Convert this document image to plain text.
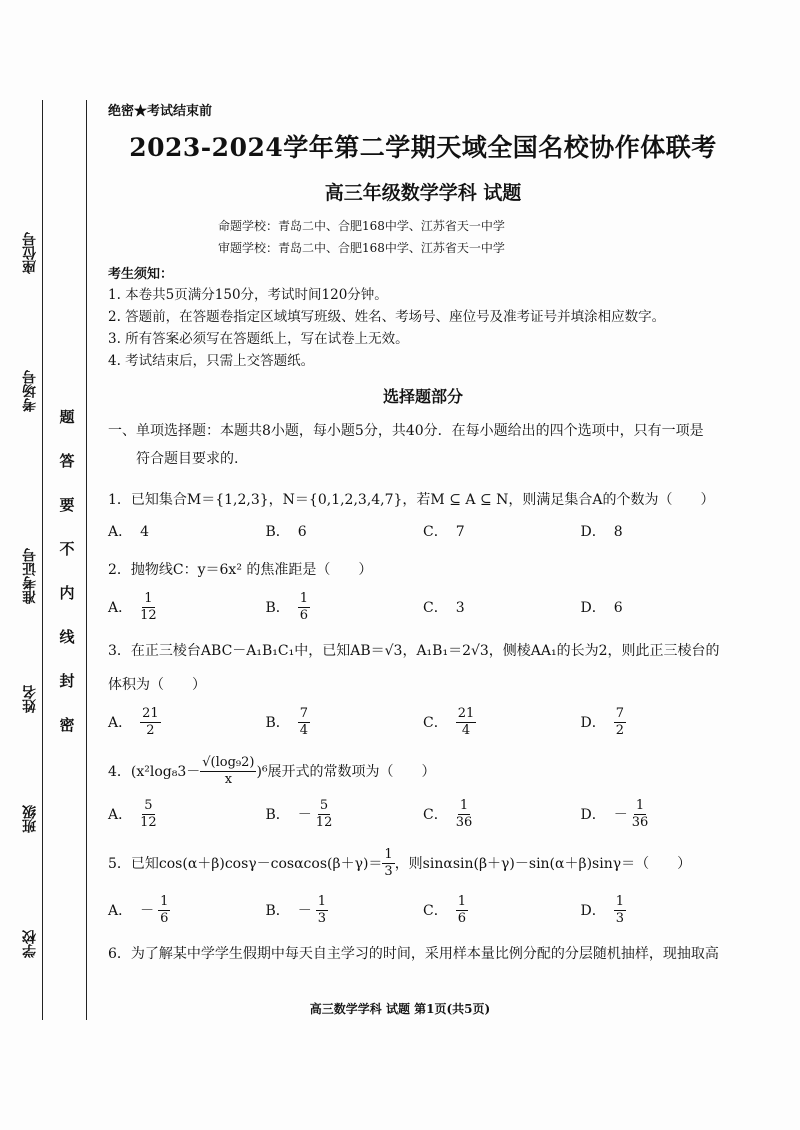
学校
班级
姓名
准考证号
考场号
座位号
题
答
要
不
内
线
封
密
绝密★考试结束前
2023-2024学年第二学期天域全国名校协作体联考
高三年级数学学科 试题
命题学校：青岛二中、合肥168中学、江苏省天一中学
审题学校：青岛二中、合肥168中学、江苏省天一中学
考生须知：

1. 本卷共5页满分150分，考试时间120分钟。

2. 答题前，在答题卷指定区域填写班级、姓名、考场号、座位号及准考证号并填涂相应数字。

3. 所有答案必须写在答题纸上，写在试卷上无效。

4. 考试结束后，只需上交答题纸。

选择题部分
一、单项选择题：本题共8小题，每小题5分，共40分．在每小题给出的四个选项中，只有一项是
符合题目要求的.
1．已知集合M＝{1,2,3}，N＝{0,1,2,3,4,7}，若M ⊆ A ⊆ N，则满足集合A的个数为（　　）
A． 4	B． 6	C． 7	D． 8
2．抛物线C：y＝6x² 的焦准距是（　　）
A． $\frac{1}{12}$	B． $\frac{1}{6}$	C． 3	D． 6
3．在正三棱台ABC－A₁B₁C₁中，已知AB＝√3，A₁B₁＝2√3，侧棱AA₁的长为2，则此正三棱台的
体积为（　　）
A． $\frac{21}{2}$	B． $\frac{7}{4}$	C． $\frac{21}{4}$	D． $\frac{7}{2}$
4．$(x^2\log_83- \frac{\text{√(log₉2)}}{x} )^6$展开式的常数项为（　　）
A． $\frac{5}{12}$	B． － $\frac{5}{12}$	C． $\frac{1}{36}$	D． － $\frac{1}{36}$
5．已知$\cos(\alpha+\beta)\cos\gamma-\cos\alpha\cos(\beta+\gamma)= \frac{1}{3}$ ，则sinαsin(β＋γ)－sin(α＋β)sinγ＝（　　）
A． － $\frac{1}{6}$	B． － $\frac{1}{3}$	C． $\frac{1}{6}$	D． $\frac{1}{3}$
6．为了解某中学学生假期中每天自主学习的时间，采用样本量比例分配的分层随机抽样，现抽取高
高三数学学科 试题 第1页(共5页)
